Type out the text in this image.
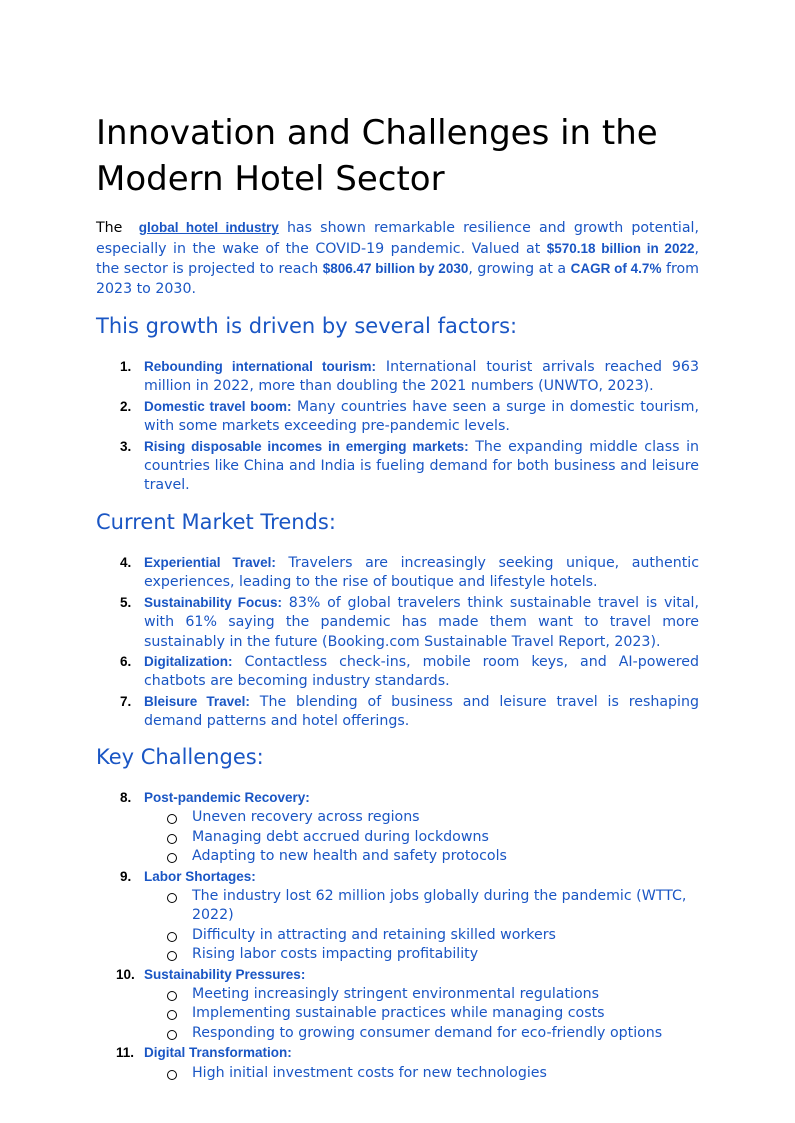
Innovation and Challenges in the Modern Hotel Sector

The global hotel industry has shown remarkable resilience and growth potential, especially in the wake of the COVID-19 pandemic. Valued at $570.18 billion in 2022, the sector is projected to reach $806.47 billion by 2030, growing at a CAGR of 4.7% from 2023 to 2030.

This growth is driven by several factors:
1. Rebounding international tourism: International tourist arrivals reached 963 million in 2022, more than doubling the 2021 numbers (UNWTO, 2023).
2. Domestic travel boom: Many countries have seen a surge in domestic tourism, with some markets exceeding pre-pandemic levels.
3. Rising disposable incomes in emerging markets: The expanding middle class in countries like China and India is fueling demand for both business and leisure travel.
Current Market Trends:
4. Experiential Travel: Travelers are increasingly seeking unique, authentic experiences, leading to the rise of boutique and lifestyle hotels.
5. Sustainability Focus: 83% of global travelers think sustainable travel is vital, with 61% saying the pandemic has made them want to travel more sustainably in the future (Booking.com Sustainable Travel Report, 2023).
6. Digitalization: Contactless check-ins, mobile room keys, and AI-powered chatbots are becoming industry standards.
7. Bleisure Travel: The blending of business and leisure travel is reshaping demand patterns and hotel offerings.
Key Challenges:
8. Post-pandemic Recovery:
Uneven recovery across regions
Managing debt accrued during lockdowns
Adapting to new health and safety protocols
9. Labor Shortages:
The industry lost 62 million jobs globally during the pandemic (WTTC, 2022)
Difficulty in attracting and retaining skilled workers
Rising labor costs impacting profitability
10. Sustainability Pressures:
Meeting increasingly stringent environmental regulations
Implementing sustainable practices while managing costs
Responding to growing consumer demand for eco-friendly options
11. Digital Transformation:
High initial investment costs for new technologies
